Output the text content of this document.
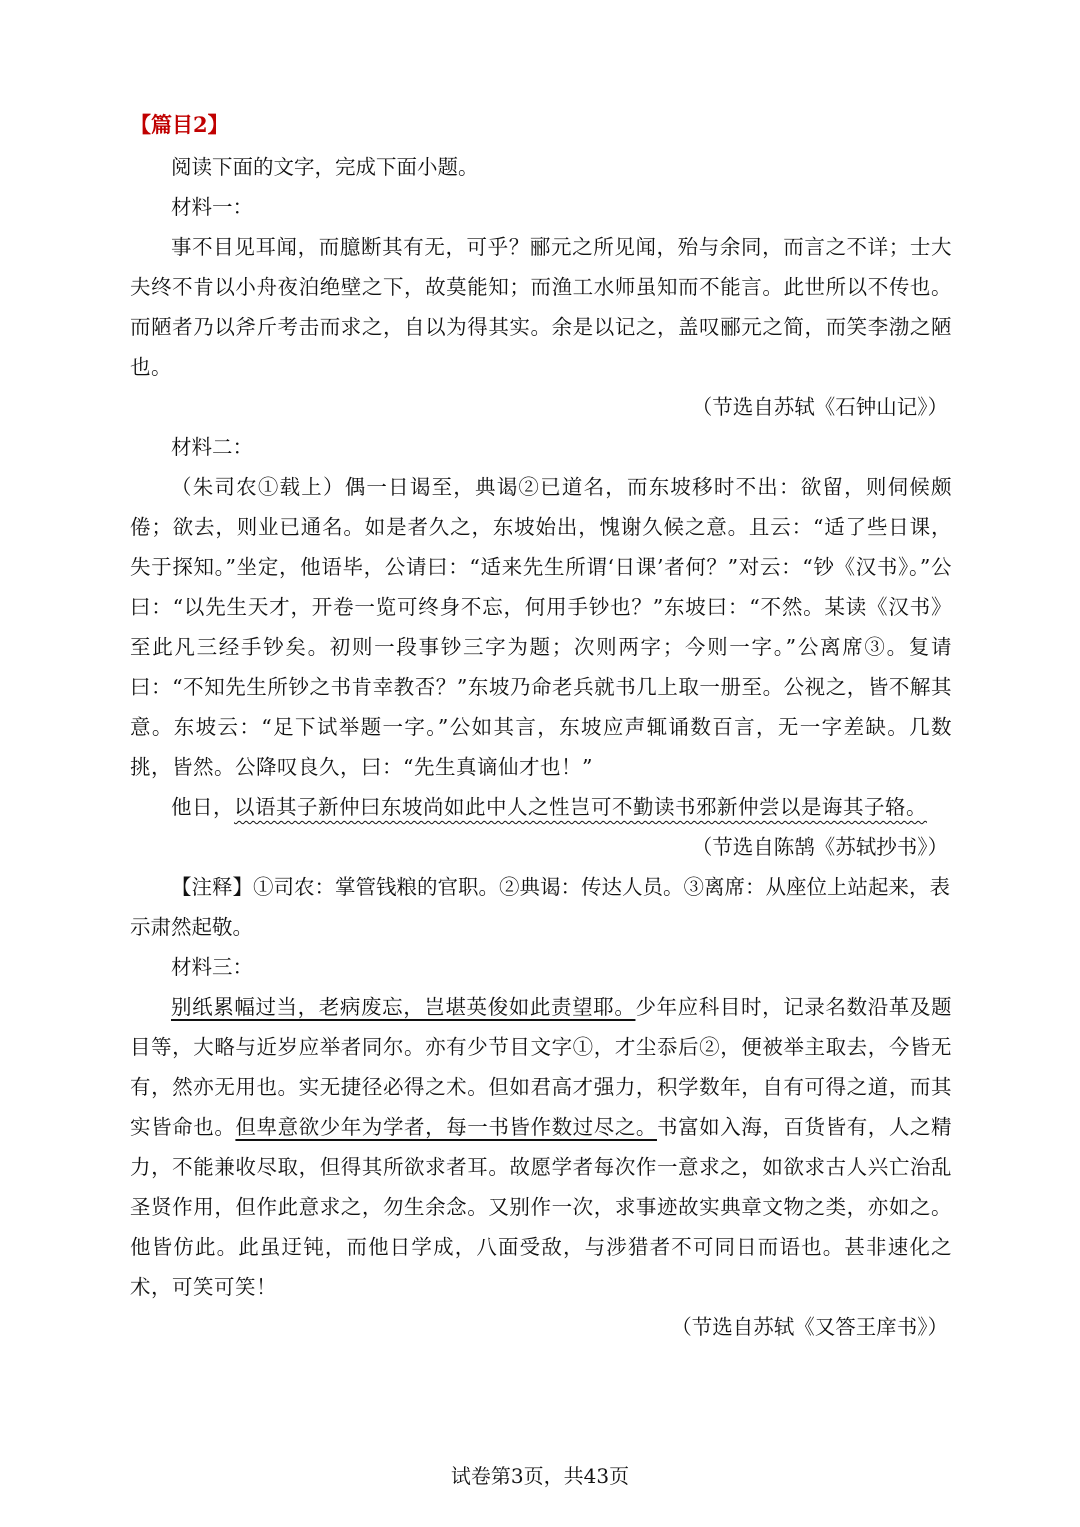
【篇目2】
阅读下面的文字，完成下面小题。
材料一：
事不目见耳闻，而臆断其有无，可乎？郦元之所见闻，殆与余同，而言之不详；士大夫终不肯以小舟夜泊绝壁之下，故莫能知；而渔工水师虽知而不能言。此世所以不传也。而陋者乃以斧斤考击而求之，自以为得其实。余是以记之，盖叹郦元之简，而笑李渤之陋也。
（节选自苏轼《石钟山记》）
材料二：
（朱司农①载上）偶一日谒至，典谒②已道名，而东坡移时不出：欲留，则伺候颇倦；欲去，则业已通名。如是者久之，东坡始出，愧谢久候之意。且云：“适了些日课，失于探知。”坐定，他语毕，公请曰：“适来先生所谓‘日课’者何？”对云：“钞《汉书》。”公曰：“以先生天才，开卷一览可终身不忘，何用手钞也？”东坡曰：“不然。某读《汉书》至此凡三经手钞矣。初则一段事钞三字为题；次则两字；今则一字。”公离席③。复请曰：“不知先生所钞之书肯幸教否？”东坡乃命老兵就书几上取一册至。公视之，皆不解其意。东坡云：“足下试举题一字。”公如其言，东坡应声辄诵数百言，无一字差缺。几数挑，皆然。公降叹良久，曰：“先生真谪仙才也！”
他日，以语其子新仲曰东坡尚如此中人之性岂可不勤读书邪新仲尝以是诲其子辂。
（节选自陈鹄《苏轼抄书》）
【注释】①司农：掌管钱粮的官职。②典谒：传达人员。③离席：从座位上站起来，表示肃然起敬。
材料三：
别纸累幅过当，老病废忘，岂堪英俊如此责望耶。少年应科目时，记录名数沿革及题目等，大略与近岁应举者同尔。亦有少节目文字①，才尘忝后②，便被举主取去，今皆无有，然亦无用也。实无捷径必得之术。但如君高才强力，积学数年，自有可得之道，而其实皆命也。但卑意欲少年为学者，每一书皆作数过尽之。书富如入海，百货皆有，人之精力，不能兼收尽取，但得其所欲求者耳。故愿学者每次作一意求之，如欲求古人兴亡治乱圣贤作用，但作此意求之，勿生余念。又别作一次，求事迹故实典章文物之类，亦如之。他皆仿此。此虽迂钝，而他日学成，八面受敌，与涉猎者不可同日而语也。甚非速化之术，可笑可笑！
（节选自苏轼《又答王庠书》）
试卷第3页，共43页
